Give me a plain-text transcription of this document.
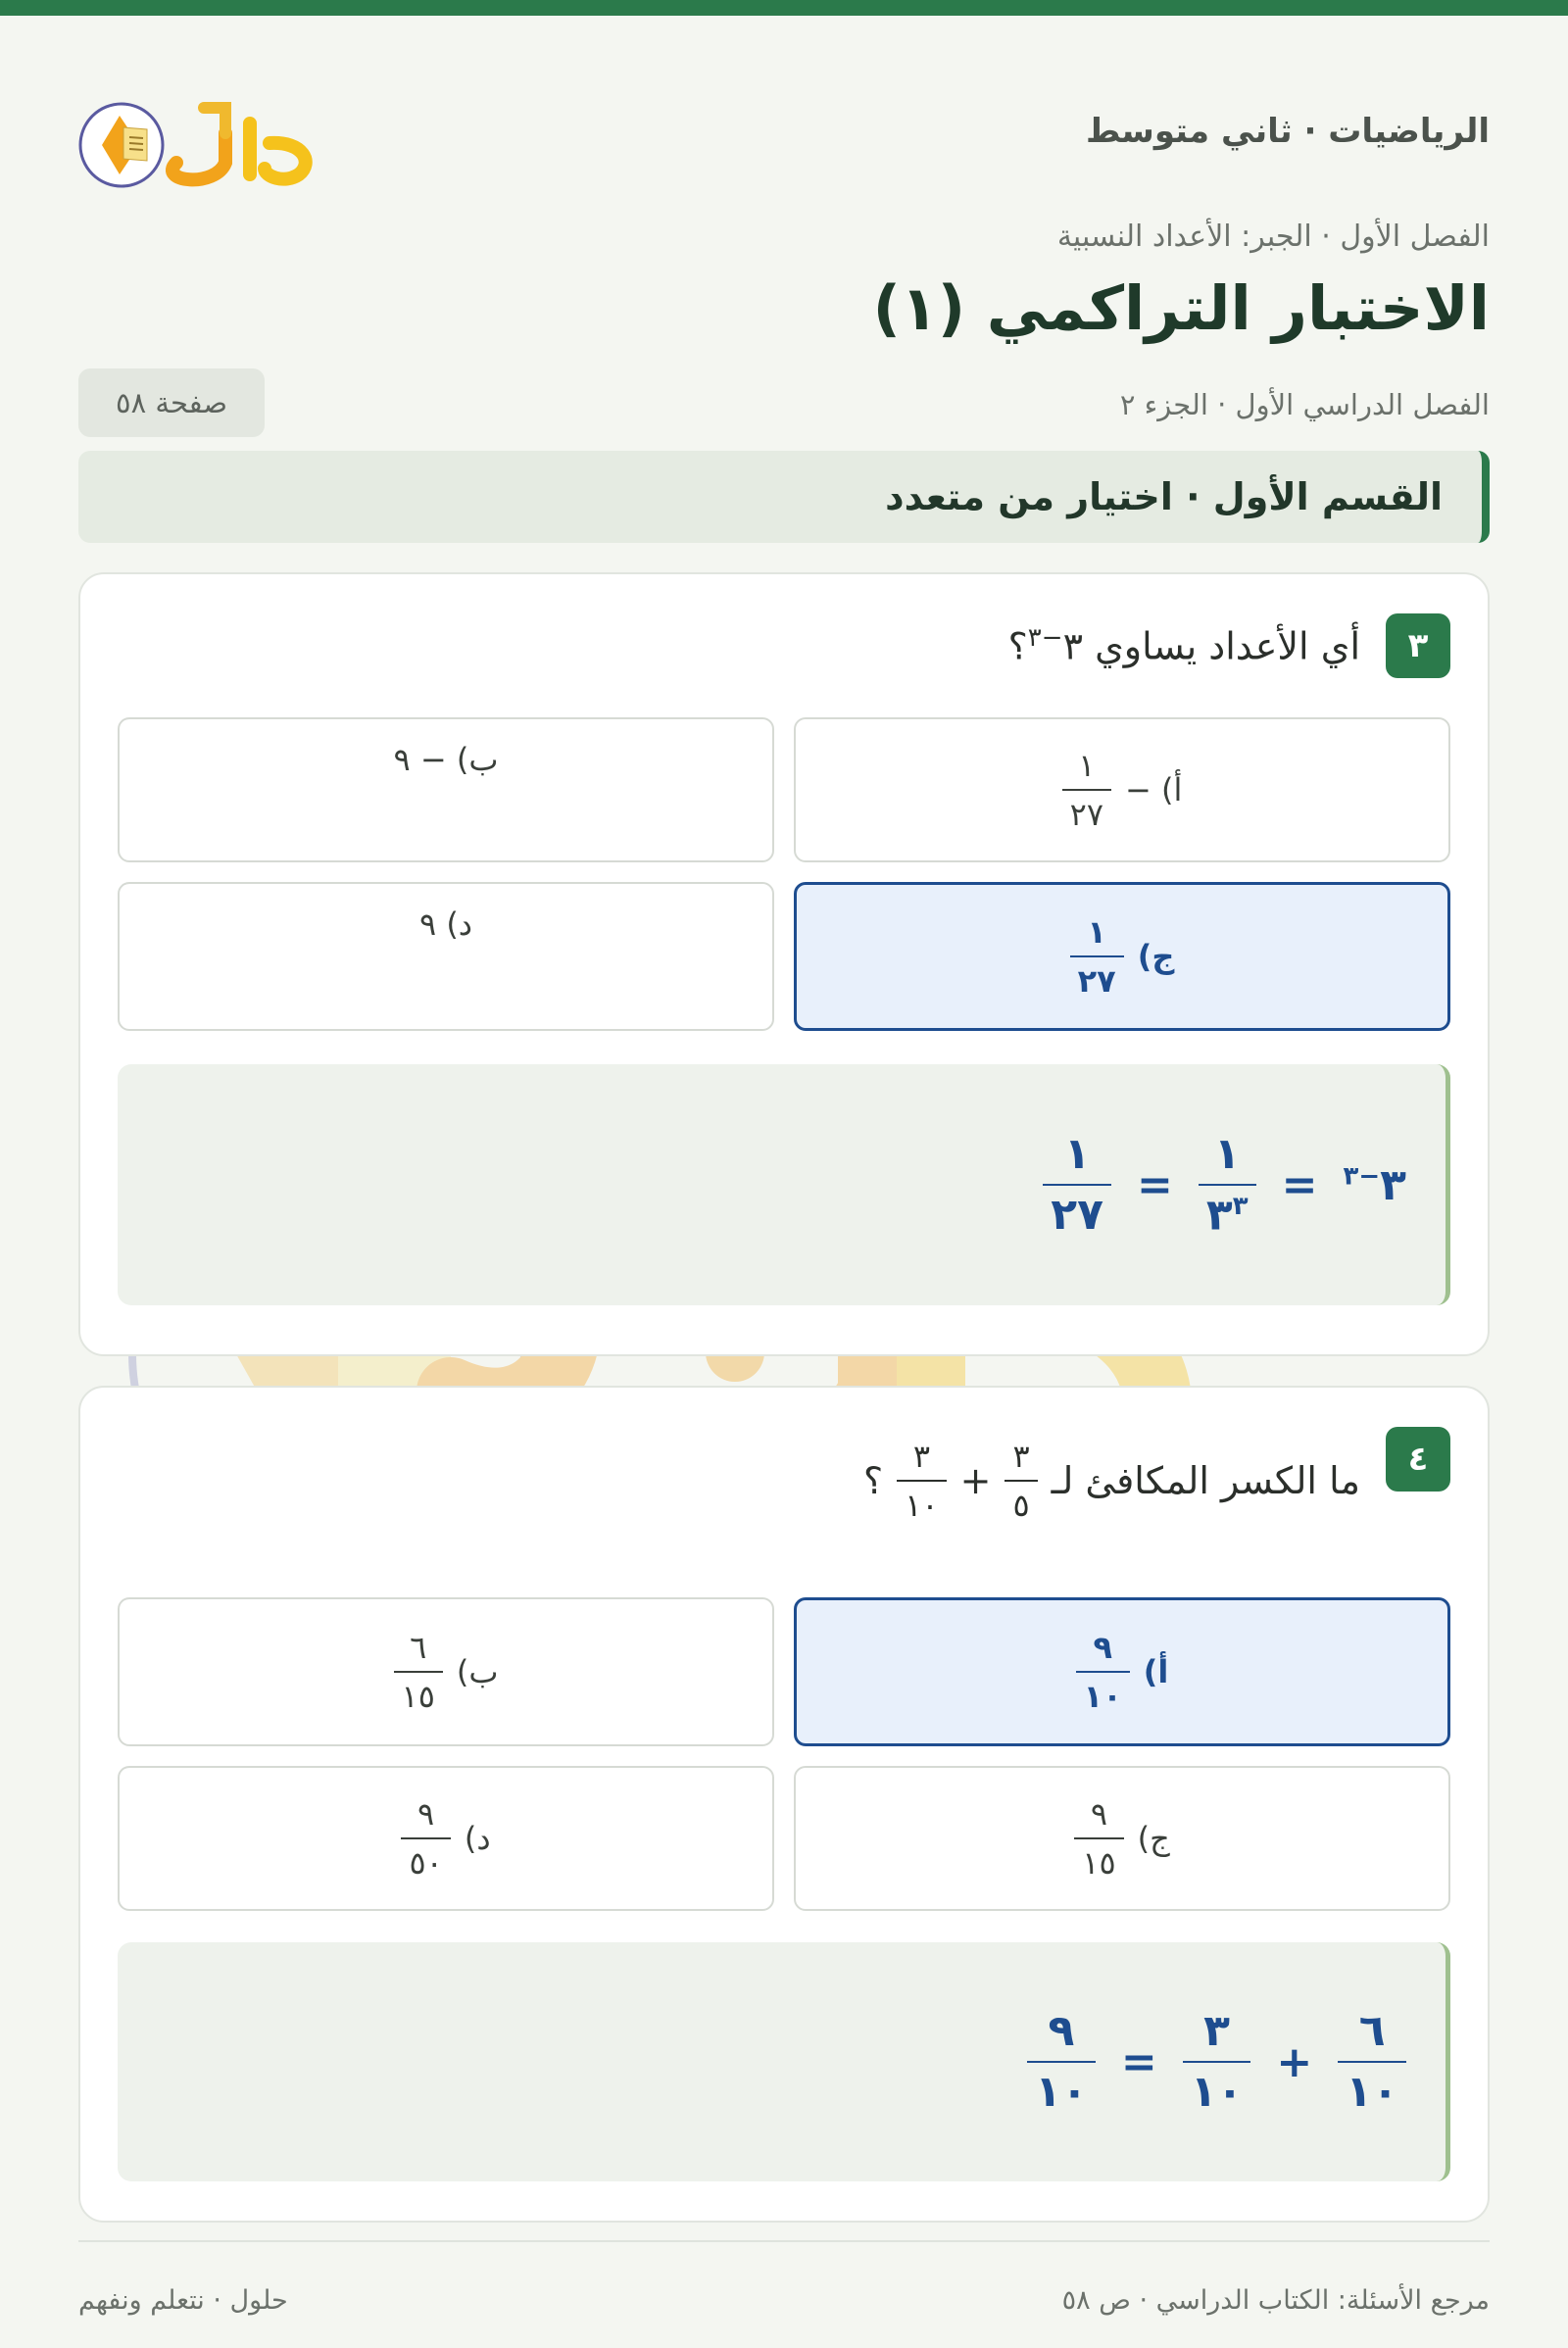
الرياضيات · ثاني متوسط
الفصل الأول · الجبر: الأعداد النسبية
الاختبار التراكمي (١)
الفصل الدراسي الأول · الجزء ٢
صفحة ٥٨
القسم الأول · اختيار من متعدد
٣
أي الأعداد يساوي $٣^{-٣}؟$
أ) −
$\frac{١}{٢٧}$
ب) − ٩
ج)
$\frac{١}{٢٧}$
د) ٩
$٣^{-٣}$
=
$\frac{١}{٣^٣}$
=
$\frac{١}{٢٧}$
٤
ما الكسر المكافئ لـ
$\frac{٣}{٥}$
+
$\frac{٣}{١٠}$
؟
أ)
$\frac{٩}{١٠}$
ب)
$\frac{٦}{١٥}$
ج)
$\frac{٩}{١٥}$
د)
$\frac{٩}{٥٠}$
$\frac{٦}{١٠}$
+
$\frac{٣}{١٠}$
=
$\frac{٩}{١٠}$
مرجع الأسئلة: الكتاب الدراسي · ص ٥٨
حلول · نتعلم ونفهم
